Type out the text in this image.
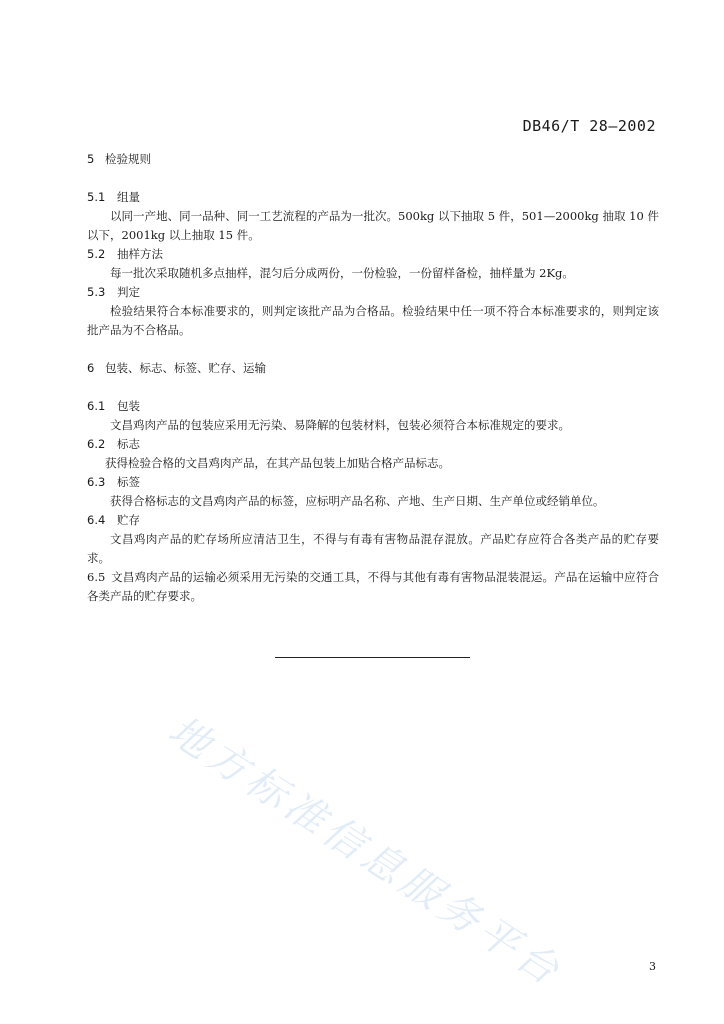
DB46/T 28—2002
5 检验规则
5.1 组量

以同一产地、同一品种、同一工艺流程的产品为一批次。500kg 以下抽取 5 件，501—2000kg 抽取 10 件以下，2001kg 以上抽取 15 件。

5.2 抽样方法

每一批次采取随机多点抽样，混匀后分成两份，一份检验，一份留样备检，抽样量为 2Kg。

5.3 判定

检验结果符合本标准要求的，则判定该批产品为合格品。检验结果中任一项不符合本标准要求的，则判定该批产品为不合格品。

6 包装、标志、标签、贮存、运输
6.1 包装

文昌鸡肉产品的包装应采用无污染、易降解的包装材料，包装必须符合本标准规定的要求。

6.2 标志

获得检验合格的文昌鸡肉产品，在其产品包装上加贴合格产品标志。

6.3 标签

获得合格标志的文昌鸡肉产品的标签，应标明产品名称、产地、生产日期、生产单位或经销单位。

6.4 贮存

文昌鸡肉产品的贮存场所应清洁卫生，不得与有毒有害物品混存混放。产品贮存应符合各类产品的贮存要求。

6.5 文昌鸡肉产品的运输必须采用无污染的交通工具，不得与其他有毒有害物品混装混运。产品在运输中应符合各类产品的贮存要求。

地方标准信息服务平台	3
